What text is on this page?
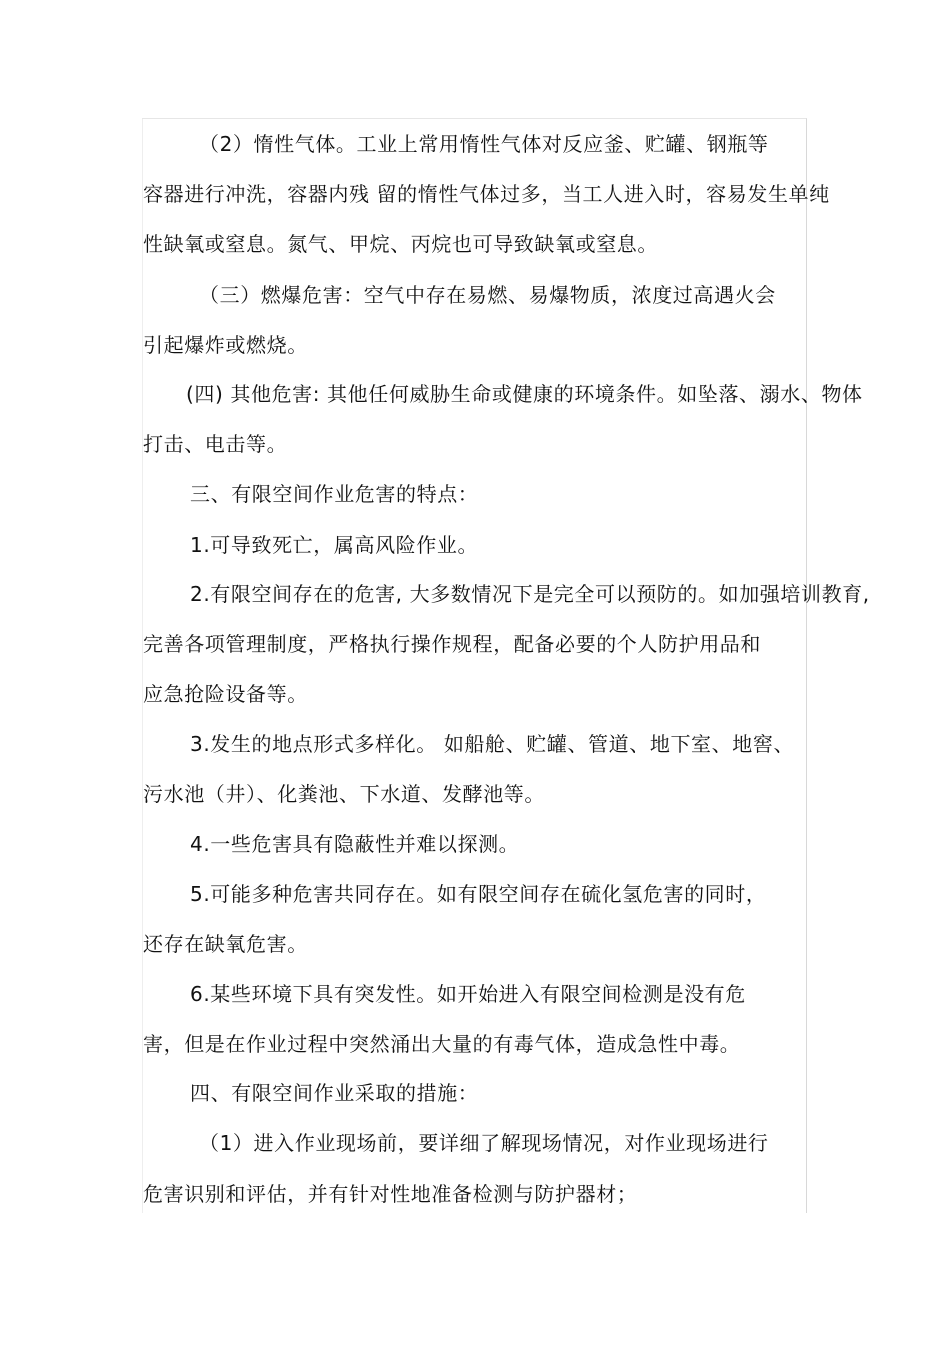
（2）惰性气体。工业上常用惰性气体对反应釜、贮罐、钢瓶等
容器进行冲洗，容器内残 留的惰性气体过多，当工人进入时，容易发生单纯
性缺氧或窒息。氮气、甲烷、丙烷也可导致缺氧或窒息。
（三）燃爆危害：空气中存在易燃、易爆物质，浓度过高遇火会
引起爆炸或燃烧。
(四) 其他危害: 其他任何威胁生命或健康的环境条件。如坠落、溺水、物体
打击、电击等。
三、有限空间作业危害的特点：
1.可导致死亡，属高风险作业。
2.有限空间存在的危害, 大多数情况下是完全可以预防的。如加强培训教育,
完善各项管理制度，严格执行操作规程，配备必要的个人防护用品和
应急抢险设备等。
3.发生的地点形式多样化。 如船舱、贮罐、管道、地下室、地窖、
污水池（井）、化粪池、下水道、发酵池等。
4.一些危害具有隐蔽性并难以探测。
5.可能多种危害共同存在。如有限空间存在硫化氢危害的同时，
还存在缺氧危害。
6.某些环境下具有突发性。如开始进入有限空间检测是没有危
害，但是在作业过程中突然涌出大量的有毒气体，造成急性中毒。
四、有限空间作业采取的措施：
（1）进入作业现场前，要详细了解现场情况，对作业现场进行
危害识别和评估，并有针对性地准备检测与防护器材；
